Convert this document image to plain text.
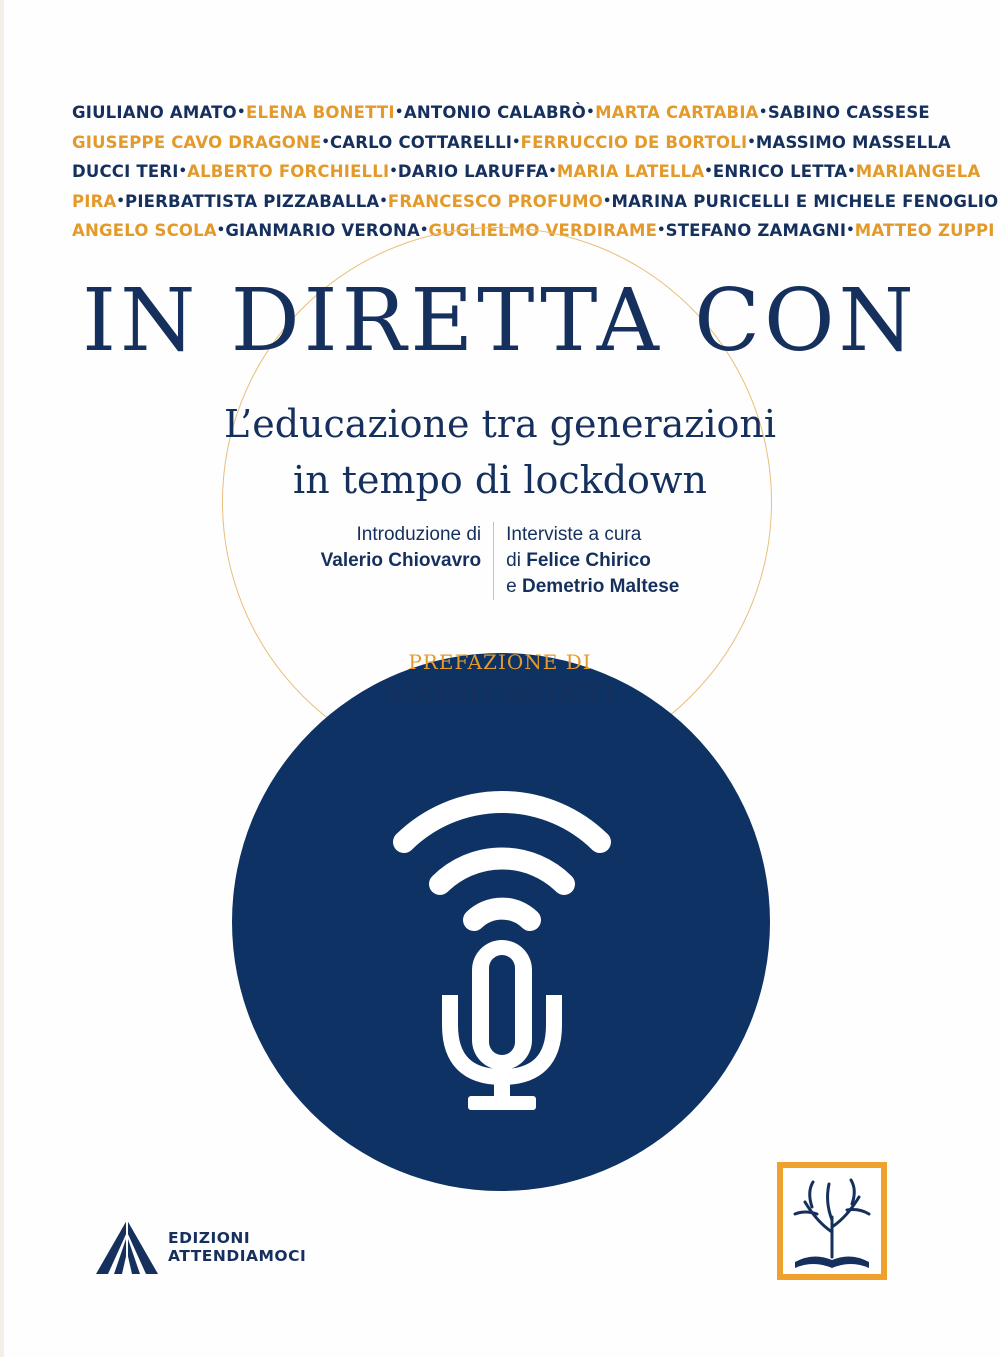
GIULIANO AMATO • ELENA BONETTI • ANTONIO CALABRÒ • MARTA CARTABIA • SABINO CASSESE
GIUSEPPE CAVO DRAGONE • CARLO COTTARELLI • FERRUCCIO DE BORTOLI • MASSIMO MASSELLA
DUCCI TERI • ALBERTO FORCHIELLI • DARIO LARUFFA • MARIA LATELLA • ENRICO LETTA • MARIANGELA
PIRA • PIERBATTISTA PIZZABALLA • FRANCESCO PROFUMO • MARINA PURICELLI E MICHELE FENOGLIO
ANGELO SCOLA • GIANMARIO VERONA • GUGLIELMO VERDIRAME • STEFANO ZAMAGNI • MATTEO ZUPPI
IN DIRETTA CON
L’educazione tra generazioni
in tempo di lockdown
Introduzione di
Valerio Chiovavro
Interviste a cura
di Felice Chirico
e Demetrio Maltese
PREFAZIONE DI
MARIO MONTI
EDIZIONI
ATTENDIAMOCI
